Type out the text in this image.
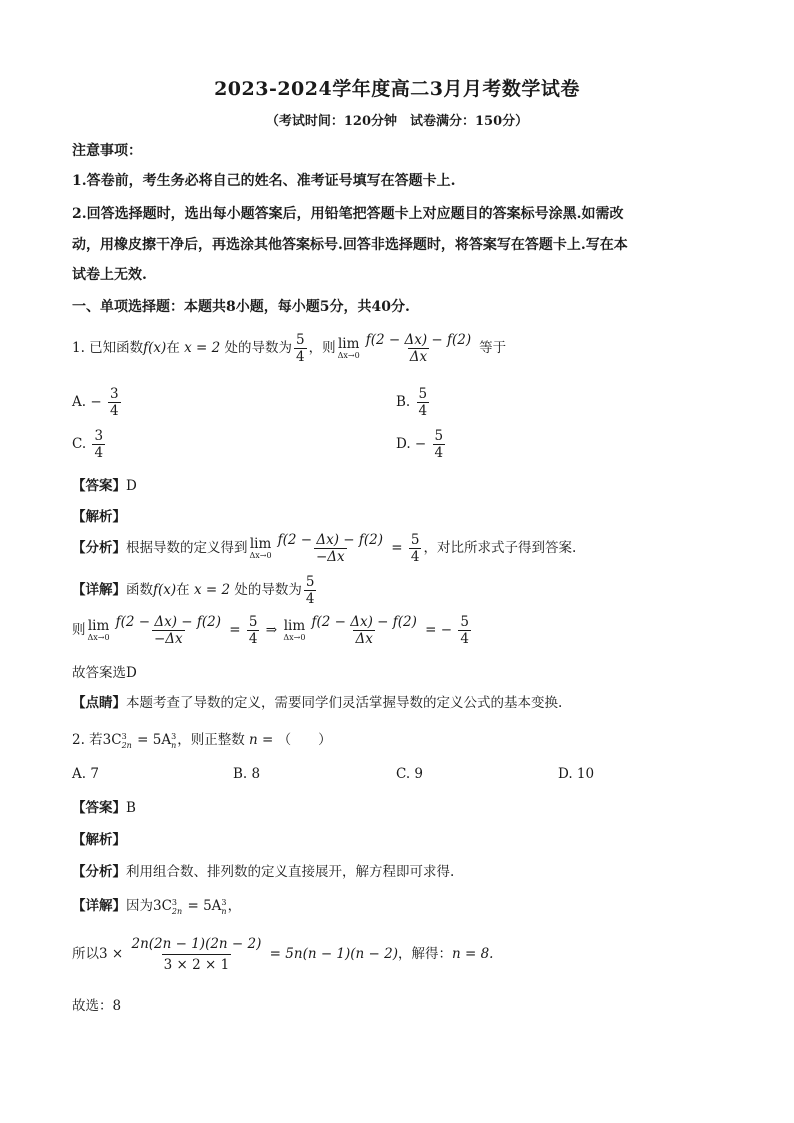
2023-2024学年度高二3月月考数学试卷
（考试时间：120分钟　试卷满分：150分）
注意事项：
1.答卷前，考生务必将自己的姓名、准考证号填写在答题卡上.
2.回答选择题时，选出每小题答案后，用铅笔把答题卡上对应题目的答案标号涂黑.如需改
动，用橡皮擦干净后，再选涂其他答案标号.回答非选择题时，将答案写在答题卡上.写在本
试卷上无效.
一、单项选择题：本题共8小题，每小题5分，共40分.
1. 已知函数f(x)在 x = 2 处的导数为 $\frac{5}{4}$ ，则 lim
$\Delta x\to 0 \frac{f(2 - \Delta x) - f(2)}{\Delta x}$ 等于
A. − $\frac{3}{4}$	B. $\frac{5}{4}$
C. $\frac{3}{4}$	D. − $\frac{5}{4}$
【答案】D
【解析】
【分析】根据导数的定义得到 lim
$\Delta x\to 0 \frac{f(2 - \Delta x) - f(2)}{-\Delta x} = \frac{5}{4}$ ，对比所求式子得到答案.
【详解】函数f(x)在 x = 2 处的导数为 $\frac{5}{4}$
则 lim
$\Delta x\to 0 \frac{f(2 - \Delta x) - f(2)}{-\Delta x} = \frac{5}{4}$ ⇒ lim
$\Delta x\to 0 \frac{f(2 - \Delta x) - f(2)}{\Delta x}$ = − $\frac{5}{4}$
故答案选D
【点睛】本题考查了导数的定义，需要同学们灵活掌握导数的定义公式的基本变换.
2. 若3C 3
2n = 5A 3
n ，则正整数 n = （　　）
A. 7	B. 8	C. 9	D. 10
【答案】B
【解析】
【分析】利用组合数、排列数的定义直接展开，解方程即可求得.
【详解】因为3C 3
2n = 5A 3
n ，
所以$3 \times \frac{2n(2n - 1)(2n - 2)}{3 \times 2 \times 1} = 5n(n - 1)(n - 2)$，解得：n = 8.
故选：8
